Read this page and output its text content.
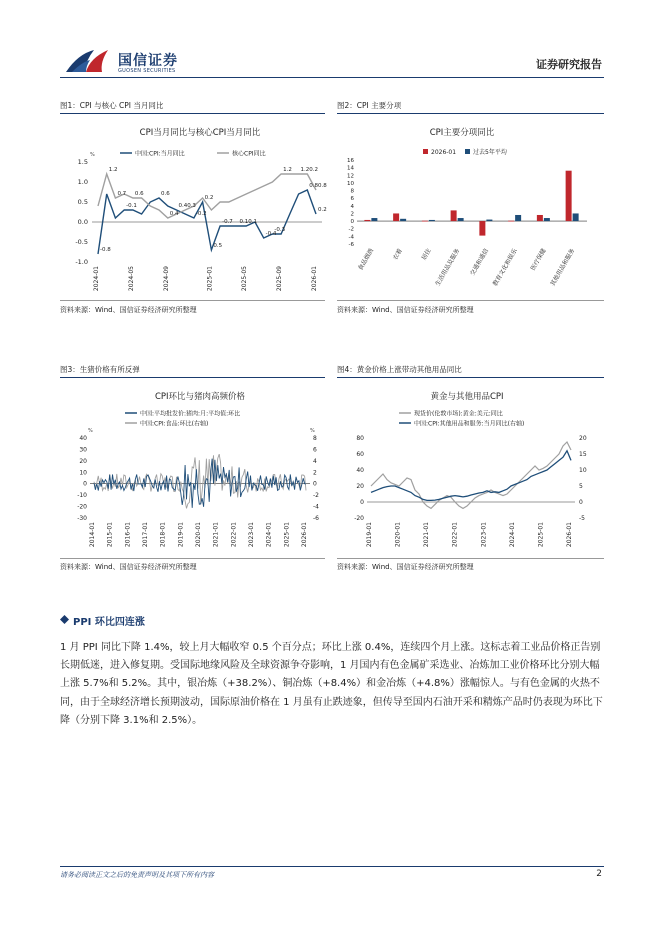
国信证券
GUOSEN SECURITIES	证券研究报告
图1：CPI 与核心 CPI 当月同比	图2：CPI 主要分项
CPI当月同比与核心CPI当月同比
中国:CPI:当月同比	核心CPI同比
%
1.5
1.0
0.5
0.0
-0.5
-1.0
2024-01	2024-05	2024-09	2025-01	2025-05	2025-09	2026-01
1.2
0.7 0.6
0.4
0.3
-0.1
-0.2
-0.8
0.6
0.4
0.2
0.5
-0.7	0.1
-0.4
-0.3
0.1
1.2 1.2
0.8 0.8
0.2
0.2
资料来源：Wind、国信证券经济研究所整理
CPI主要分项同比
2026-01	过去5年平均
16
14
12
10
8
6
4
2
0
-2
-4
-6
食品烟酒	衣着	居住 生活用品及服务 交通和通信 教育文化和娱乐 医疗保健 其他用品和服务
资料来源：Wind、国信证券经济研究所整理
图3：生猪价格有所反弹	图4：黄金价格上涨带动其他用品同比
CPI环比与猪肉高频价格
中国:平均批发价:猪肉:月:平均值:环比
中国:CPI:食品:环比(右轴)
%	%
40
30
20
10
0
-10
-20
-30
8
6
4
2
0
-2
-4
-6
2014-01 2015-01 2016-01 2017-01 2018-01 2019-01 2020-01 2021-01 2022-01 2023-01 2024-01 2025-01 2026-01
资料来源：Wind、国信证券经济研究所整理
黄金与其他用品CPI
现货价(伦敦市场):黄金:美元:同比
中国:CPI:其他用品和服务:当月同比(右轴)
80
60
40
20
0
-20
20
15
10
5
0
-5
2019-01	2020-01	2021-01	2022-01	2023-01	2024-01	2025-01	2026-01
资料来源：Wind、国信证券经济研究所整理
PPI 环比四连涨
1 月 PPI 同比下降 1.4%，较上月大幅收窄 0.5 个百分点；环比上涨 0.4%，连续四个月上涨。这标志着工业品价格正告别长期低迷，进入修复期。受国际地缘风险及全球资源争夺影响，1 月国内有色金属矿采选业、冶炼加工业价格环比分别大幅上涨 5.7%和 5.2%。其中，银冶炼（+38.2%）、铜冶炼（+8.4%）和金冶炼（+4.8%）涨幅惊人。与有色金属的火热不同，由于全球经济增长预期波动，国际原油价格在 1 月虽有止跌迹象，但传导至国内石油开采和精炼产品时仍表现为环比下降（分别下降 3.1%和 2.5%）。
请务必阅读正文之后的免责声明及其项下所有内容	2
